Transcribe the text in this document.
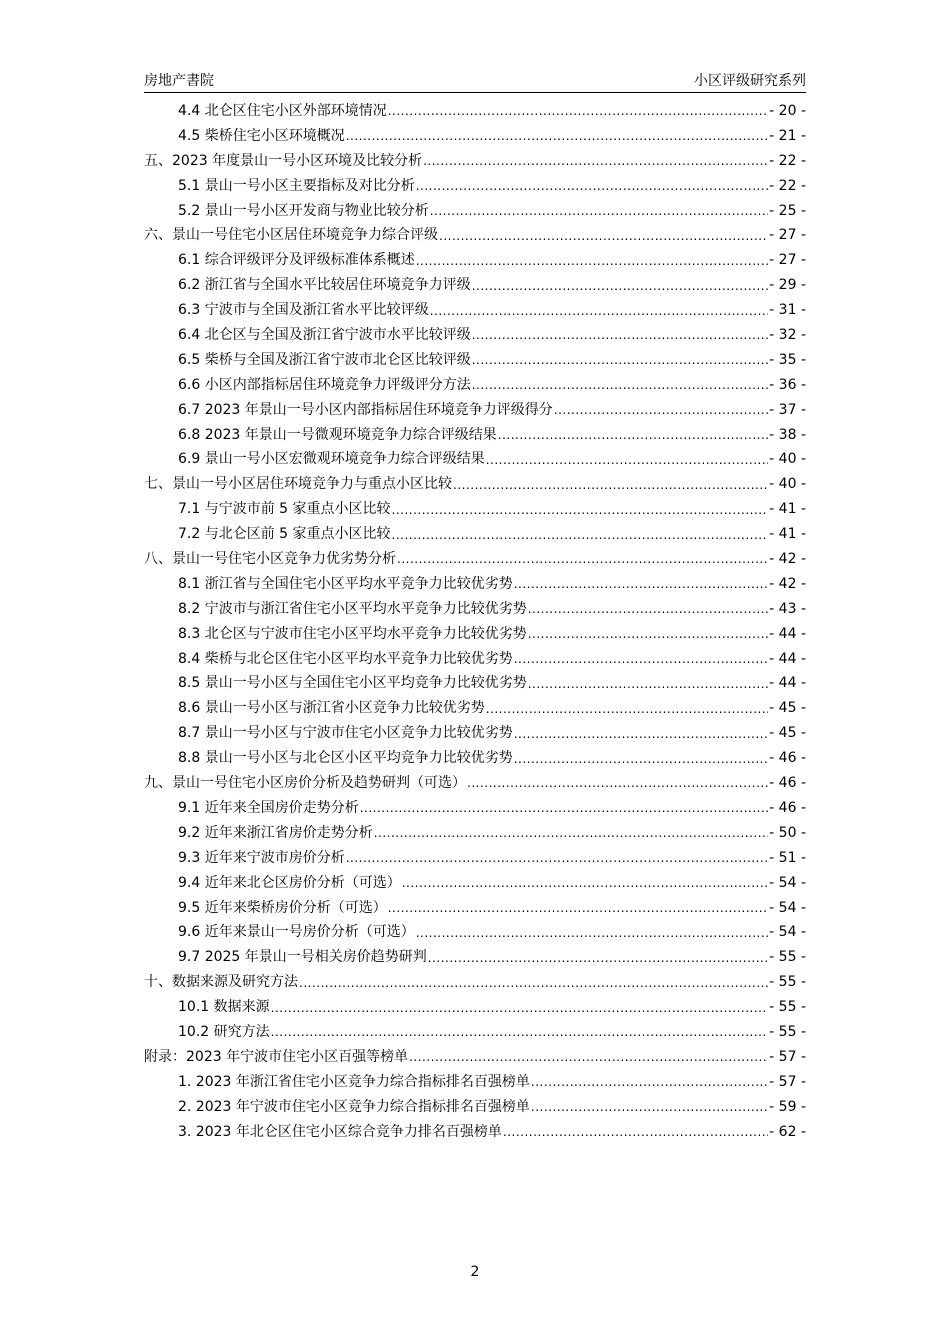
房地产書院	小区评级研究系列
4.4 北仑区住宅小区外部环境情况 .....	- 20 -
4.5 柴桥住宅小区环境概况 .....	- 21 -
五、2023 年度景山一号小区环境及比较分析 .....	- 22 -
5.1 景山一号小区主要指标及对比分析 .....	- 22 -
5.2 景山一号小区开发商与物业比较分析 .....	- 25 -
六、景山一号住宅小区居住环境竞争力综合评级 .....	- 27 -
6.1 综合评级评分及评级标准体系概述 .....	- 27 -
6.2 浙江省与全国水平比较居住环境竞争力评级 .....	- 29 -
6.3 宁波市与全国及浙江省水平比较评级 .....	- 31 -
6.4 北仑区与全国及浙江省宁波市水平比较评级 .....	- 32 -
6.5 柴桥与全国及浙江省宁波市北仑区比较评级 .....	- 35 -
6.6 小区内部指标居住环境竞争力评级评分方法 .....	- 36 -
6.7 2023 年景山一号小区内部指标居住环境竞争力评级得分 .....	- 37 -
6.8 2023 年景山一号微观环境竞争力综合评级结果 .....	- 38 -
6.9 景山一号小区宏微观环境竞争力综合评级结果 .....	- 40 -
七、景山一号小区居住环境竞争力与重点小区比较 .....	- 40 -
7.1 与宁波市前 5 家重点小区比较 .....	- 41 -
7.2 与北仑区前 5 家重点小区比较 .....	- 41 -
八、景山一号住宅小区竞争力优劣势分析 .....	- 42 -
8.1 浙江省与全国住宅小区平均水平竞争力比较优劣势 .....	- 42 -
8.2 宁波市与浙江省住宅小区平均水平竞争力比较优劣势 .....	- 43 -
8.3 北仑区与宁波市住宅小区平均水平竞争力比较优劣势 .....	- 44 -
8.4 柴桥与北仑区住宅小区平均水平竞争力比较优劣势 .....	- 44 -
8.5 景山一号小区与全国住宅小区平均竞争力比较优劣势 .....	- 44 -
8.6 景山一号小区与浙江省小区竞争力比较优劣势 .....	- 45 -
8.7 景山一号小区与宁波市住宅小区竞争力比较优劣势 .....	- 45 -
8.8 景山一号小区与北仑区小区平均竞争力比较优劣势 .....	- 46 -
九、景山一号住宅小区房价分析及趋势研判（可选） .....	- 46 -
9.1 近年来全国房价走势分析 .....	- 46 -
9.2 近年来浙江省房价走势分析 .....	- 50 -
9.3 近年来宁波市房价分析 .....	- 51 -
9.4 近年来北仑区房价分析（可选） .....	- 54 -
9.5 近年来柴桥房价分析（可选） .....	- 54 -
9.6 近年来景山一号房价分析（可选） .....	- 54 -
9.7 2025 年景山一号相关房价趋势研判 .....	- 55 -
十、数据来源及研究方法 .....	- 55 -
10.1 数据来源 .....	- 55 -
10.2 研究方法 .....	- 55 -
附录：2023 年宁波市住宅小区百强等榜单 .....	- 57 -
1. 2023 年浙江省住宅小区竞争力综合指标排名百强榜单 .....	- 57 -
2. 2023 年宁波市住宅小区竞争力综合指标排名百强榜单 .....	- 59 -
3. 2023 年北仑区住宅小区综合竞争力排名百强榜单 .....	- 62 -
2
